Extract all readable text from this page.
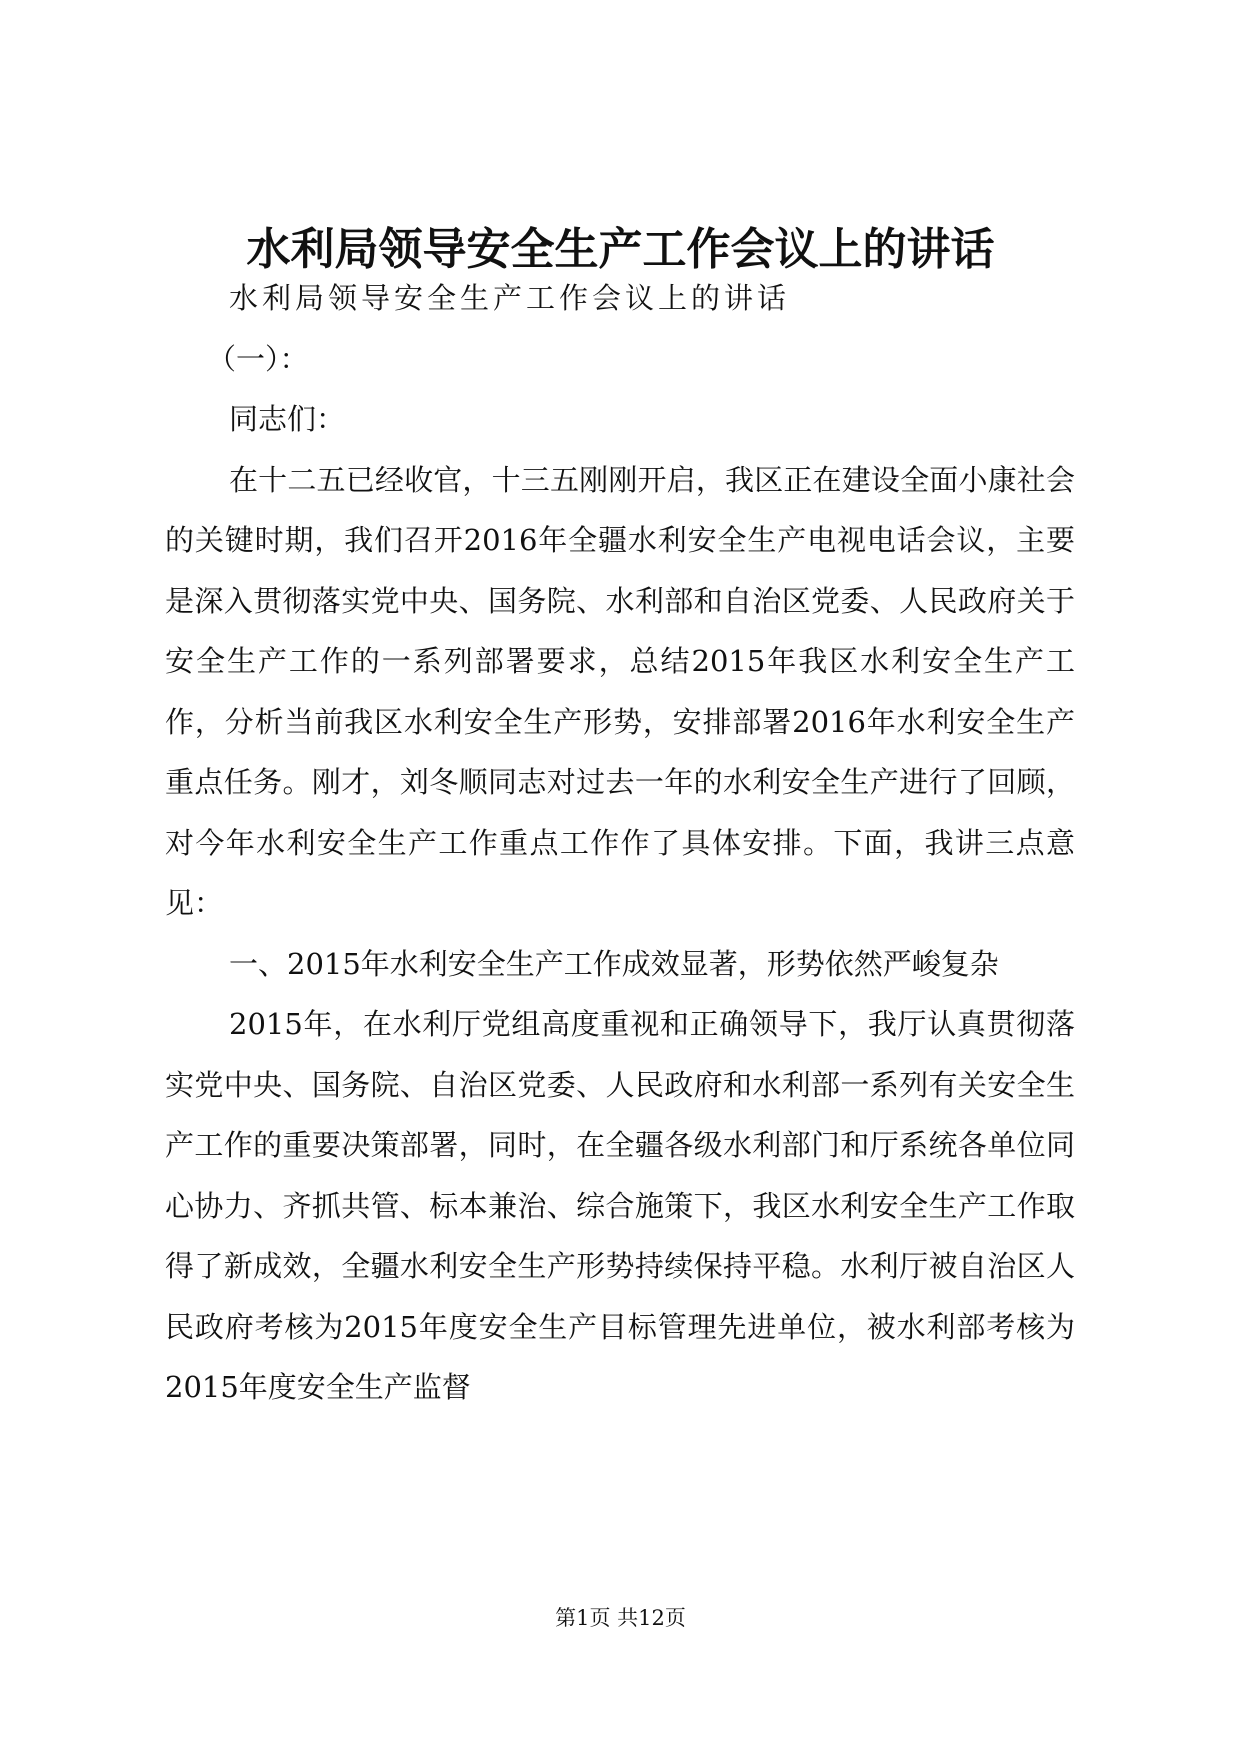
水利局领导安全生产工作会议上的讲话

水利局领导安全生产工作会议上的讲话

（一）：

同志们：

在十二五已经收官，十三五刚刚开启，我区正在建设全面小康社会的关键时期，我们召开2016年全疆水利安全生产电视电话会议，主要是深入贯彻落实党中央、国务院、水利部和自治区党委、人民政府关于安全生产工作的一系列部署要求，总结2015年我区水利安全生产工作，分析当前我区水利安全生产形势，安排部署2016年水利安全生产重点任务。刚才，刘冬顺同志对过去一年的水利安全生产进行了回顾，对今年水利安全生产工作重点工作作了具体安排。下面，我讲三点意见：

一、2015年水利安全生产工作成效显著，形势依然严峻复杂

2015年，在水利厅党组高度重视和正确领导下，我厅认真贯彻落实党中央、国务院、自治区党委、人民政府和水利部一系列有关安全生产工作的重要决策部署，同时，在全疆各级水利部门和厅系统各单位同心协力、齐抓共管、标本兼治、综合施策下，我区水利安全生产工作取得了新成效，全疆水利安全生产形势持续保持平稳。水利厅被自治区人民政府考核为2015年度安全生产目标管理先进单位，被水利部考核为2015年度安全生产监督

第1页 共12页
